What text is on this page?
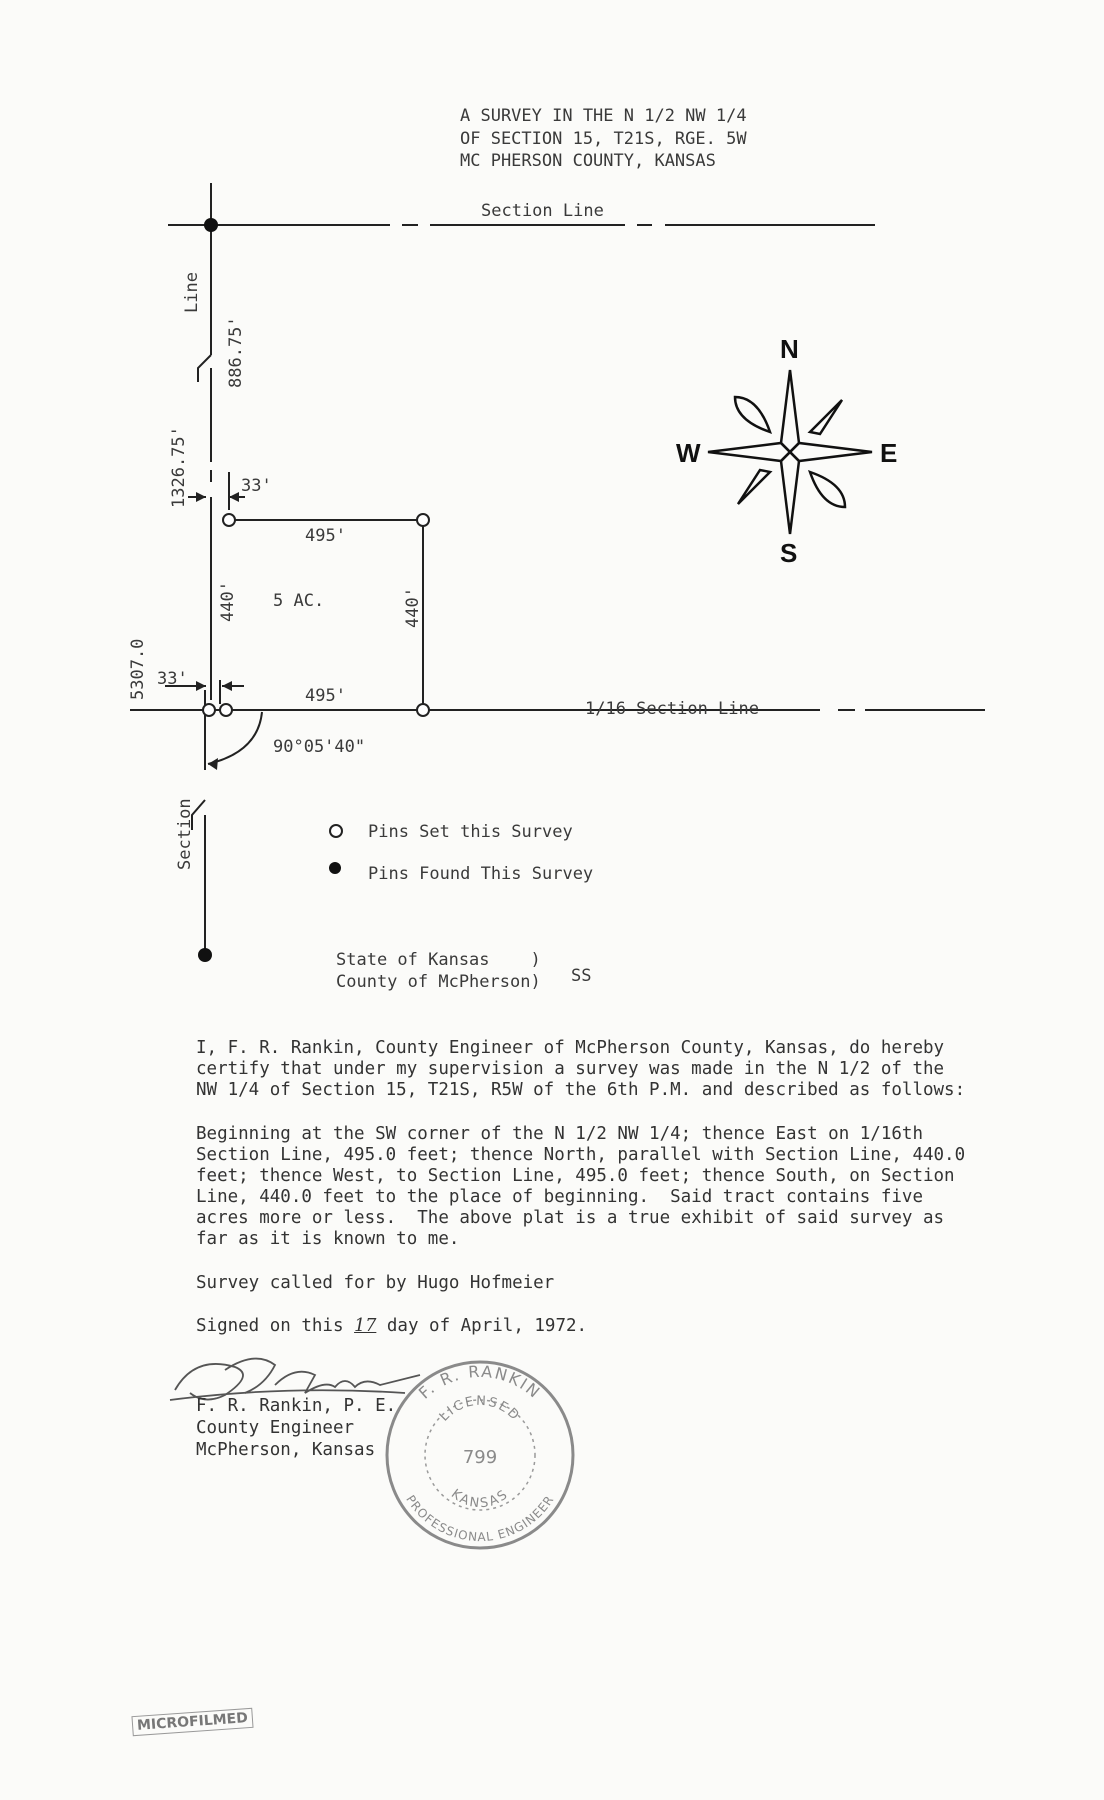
A SURVEY IN THE N 1/2 NW 1/4
OF SECTION 15, T21S, RGE. 5W
MC PHERSON COUNTY, KANSAS
Section Line
Line
886.75'
1326.75'	33'
495'
440' 5 AC.	440'
5307.0 33'
495'
1/16 Section Line
90°05'40"
Section
N
S
E
W
Pins Set this Survey
Pins Found This Survey
State of Kansas    )
County of McPherson) SS
I, F. R. Rankin, County Engineer of McPherson County, Kansas, do hereby
certify that under my supervision a survey was made in the N 1/2 of the
NW 1/4 of Section 15, T21S, R5W of the 6th P.M. and described as follows:
Beginning at the SW corner of the N 1/2 NW 1/4; thence East on 1/16th
Section Line, 495.0 feet; thence North, parallel with Section Line, 440.0
feet; thence West, to Section Line, 495.0 feet; thence South, on Section
Line, 440.0 feet to the place of beginning.  Said tract contains five
acres more or less.  The above plat is a true exhibit of said survey as
far as it is known to me.
Survey called for by Hugo Hofmeier
Signed on this 17 day of April, 1972.
F. R. Rankin, P. E.
County Engineer
McPherson, Kansas
F. R. RANKIN
PROFESSIONAL ENGINEER
LICENSED
KANSAS
799
MICROFILMED
